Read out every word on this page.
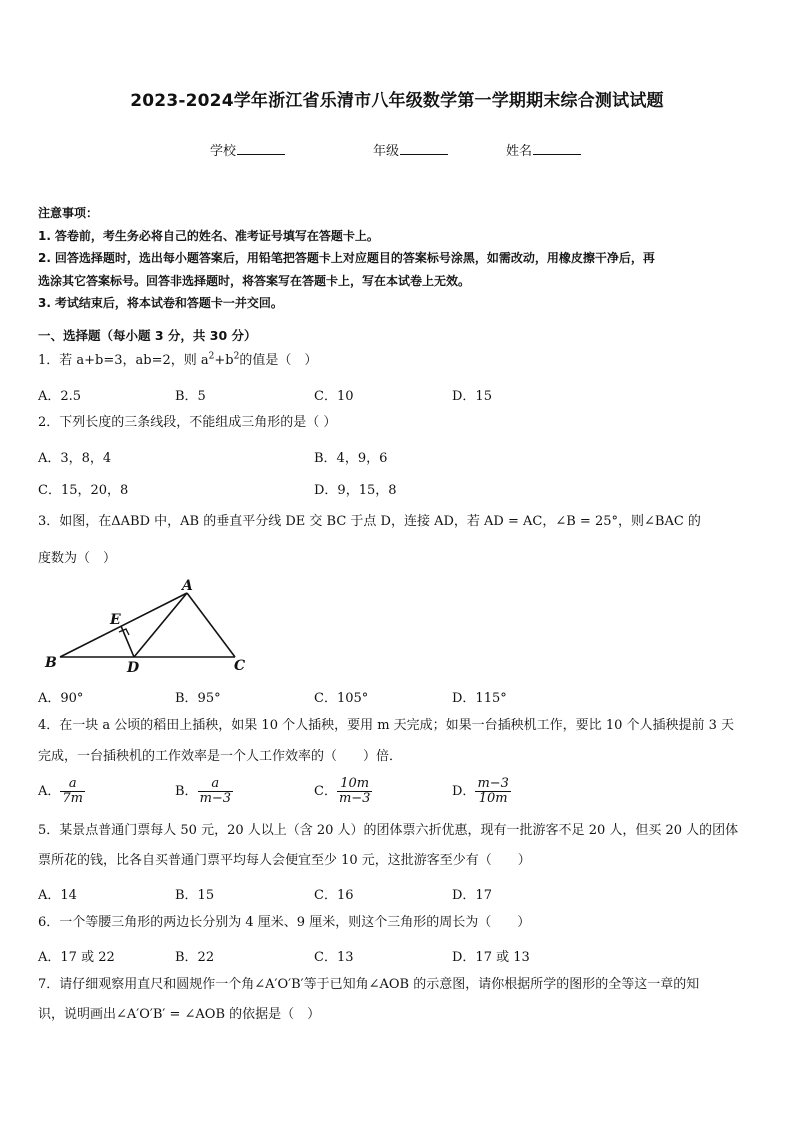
2023-2024学年浙江省乐清市八年级数学第一学期期末综合测试试题
学校	年级	姓名
注意事项：
1. 答卷前，考生务必将自己的姓名、准考证号填写在答题卡上。
2. 回答选择题时，选出每小题答案后，用铅笔把答题卡上对应题目的答案标号涂黑，如需改动，用橡皮擦干净后，再
选涂其它答案标号。回答非选择题时，将答案写在答题卡上，写在本试卷上无效。
3. 考试结束后，将本试卷和答题卡一并交回。
一、选择题（每小题 3 分，共 30 分）
1．若 a+b=3，ab=2，则 $a^2+b^2$的值是（　）
A．2.5	B．5	C．10	D．15
2．下列长度的三条线段，不能组成三角形的是（ ）
A．3，8，4	B．4，9，6
C．15，20，8	D．9，15，8
3．如图，在ΔABD 中，AB 的垂直平分线 DE 交 BC 于点 D，连接 AD，若 AD = AC，∠B = 25°，则∠BAC 的
度数为（　）
A
E
B	D	C
A．90°	B．95°	C．105°	D．115°
4．在一块 a 公顷的稻田上插秧，如果 10 个人插秧，要用 m 天完成；如果一台插秧机工作，要比 10 个人插秧提前 3 天
完成，一台插秧机的工作效率是一个人工作效率的（　　）倍．
A． $\frac{a}{7m}$	B． $\frac{a}{m-3}$	C． $\frac{10m}{m-3}$	D． $\frac{m-3}{10m}$
5．某景点普通门票每人 50 元，20 人以上（含 20 人）的团体票六折优惠，现有一批游客不足 20 人，但买 20 人的团体
票所花的钱，比各自买普通门票平均每人会便宜至少 10 元，这批游客至少有（　　）
A．14	B．15	C．16	D．17
6．一个等腰三角形的两边长分别为 4 厘米、9 厘米，则这个三角形的周长为（　　）
A．17 或 22	B．22	C．13	D．17 或 13
7．请仔细观察用直尺和圆规作一个角∠A′O′B′等于已知角∠AOB 的示意图，请你根据所学的图形的全等这一章的知
识，说明画出∠A′O′B′ = ∠AOB 的依据是（　）
